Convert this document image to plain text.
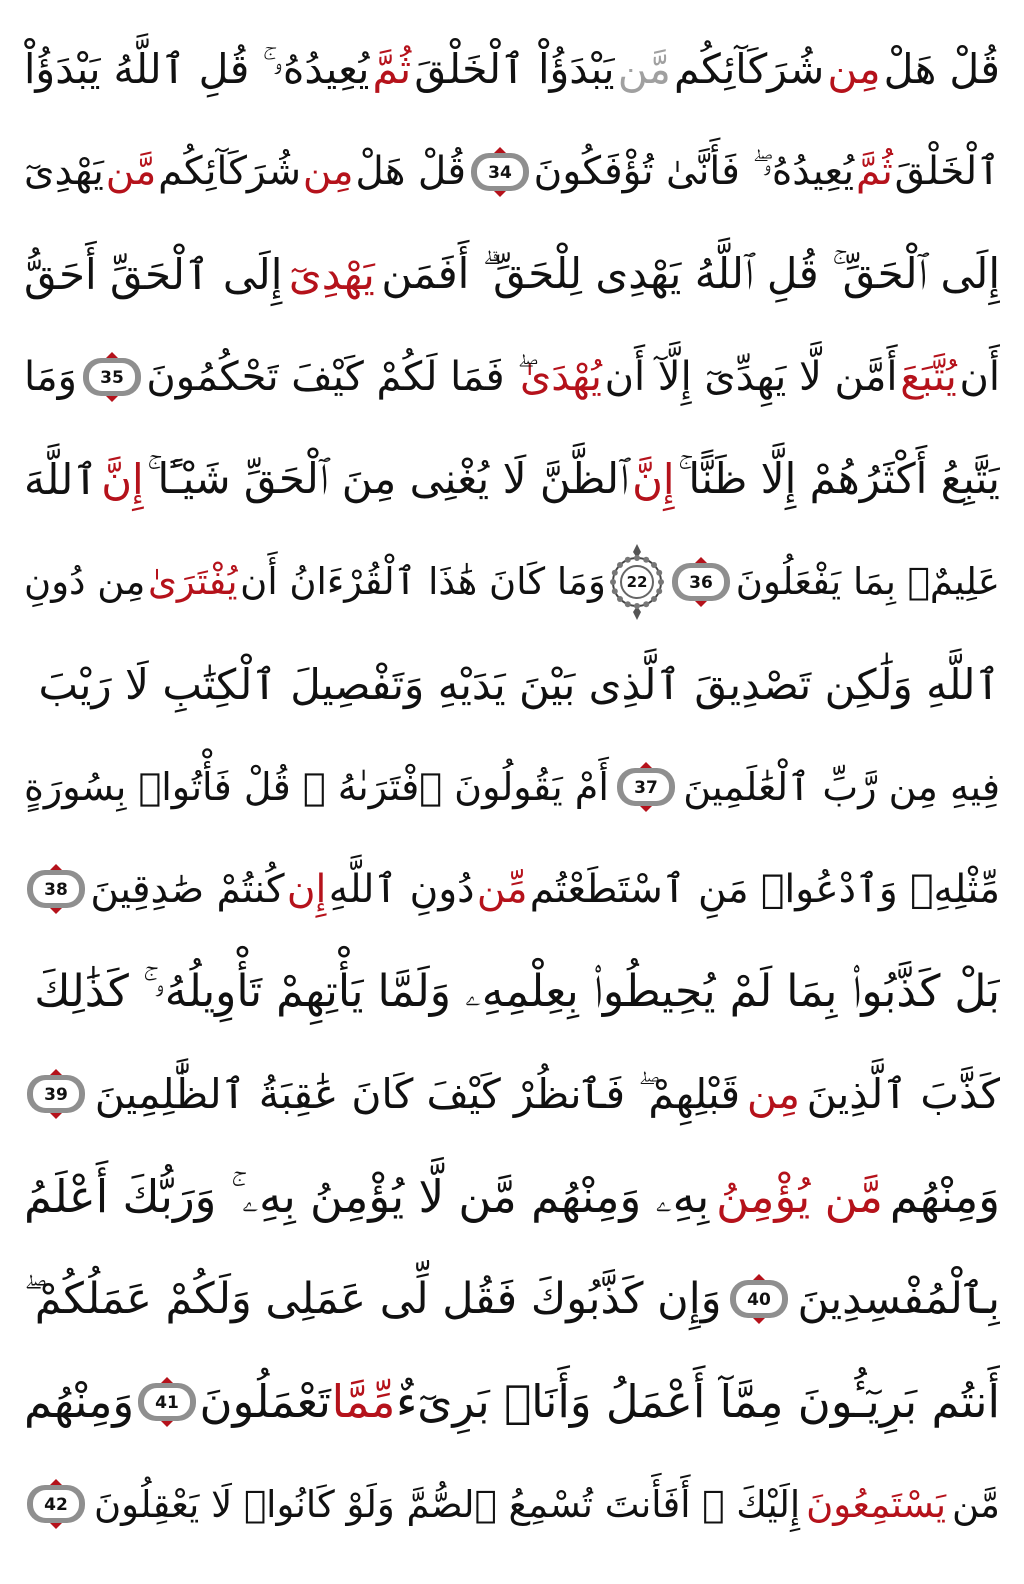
قُلْ هَلْ
مِن
شُرَكَآئِكُم
مَّن
يَبْدَؤُاْ ٱلْخَلْقَ
ثُمَّ
يُعِيدُهُۥ ۚ قُلِ ٱللَّهُ يَبْدَؤُاْ
ٱلْخَلْقَ
ثُمَّ
يُعِيدُهُۥ ۖ فَأَنَّىٰ تُؤْفَكُونَ
34
قُلْ هَلْ
مِن
شُرَكَآئِكُم
مَّن
يَهْدِىٓ
إِلَى ٱلْحَقِّ ۚ قُلِ ٱللَّهُ يَهْدِى لِلْحَقِّ ۗ أَفَمَن
يَهْدِىٓ
إِلَى ٱلْحَقِّ أَحَقُّ
أَن
يُتَّبَعَ
أَمَّن لَّا يَهِدِّىٓ إِلَّآ أَن
يُهْدَىٰ
ۖ فَمَا لَكُمْ كَيْفَ تَحْكُمُونَ
35
وَمَا
يَتَّبِعُ أَكْثَرُهُمْ إِلَّا ظَنًّا ۚ
إِنَّ
ٱلظَّنَّ لَا يُغْنِى مِنَ ٱلْحَقِّ شَيْـًٔا ۚ
إِنَّ
ٱللَّهَ
عَلِيمٌۢ بِمَا يَفْعَلُونَ
36
22
وَمَا كَانَ هَٰذَا ٱلْقُرْءَانُ أَن
يُفْتَرَىٰ
مِن دُونِ
ٱللَّهِ وَلَٰكِن تَصْدِيقَ ٱلَّذِى بَيْنَ يَدَيْهِ وَتَفْصِيلَ ٱلْكِتَٰبِ لَا رَيْبَ
فِيهِ مِن رَّبِّ ٱلْعَٰلَمِينَ
37
أَمْ يَقُولُونَ ٱفْتَرَىٰهُ ۖ قُلْ فَأْتُوا۟ بِسُورَةٍ
مِّثْلِهِۦ وَٱدْعُوا۟ مَنِ ٱسْتَطَعْتُم
مِّن
دُونِ ٱللَّهِ
إِن
كُنتُمْ صَٰدِقِينَ
38
بَلْ كَذَّبُوا۟ بِمَا لَمْ يُحِيطُوا۟ بِعِلْمِهِۦ وَلَمَّا يَأْتِهِمْ تَأْوِيلُهُۥ ۚ كَذَٰلِكَ
كَذَّبَ ٱلَّذِينَ
مِن
قَبْلِهِمْ ۖ فَٱنظُرْ كَيْفَ كَانَ عَٰقِبَةُ ٱلظَّٰلِمِينَ
39
وَمِنْهُم
مَّن يُؤْمِنُ
بِهِۦ وَمِنْهُم مَّن لَّا يُؤْمِنُ بِهِۦ ۚ وَرَبُّكَ أَعْلَمُ
بِٱلْمُفْسِدِينَ
40
وَإِن كَذَّبُوكَ فَقُل لِّى عَمَلِى وَلَكُمْ عَمَلُكُمْ ۖ
أَنتُم بَرِيٓـُٔونَ مِمَّآ أَعْمَلُ وَأَنَا۠ بَرِىٓءٌ
مِّمَّا
تَعْمَلُونَ
41
وَمِنْهُم
مَّن
يَسْتَمِعُونَ
إِلَيْكَ ۚ أَفَأَنتَ تُسْمِعُ ٱلصُّمَّ وَلَوْ كَانُوا۟ لَا يَعْقِلُونَ
42
